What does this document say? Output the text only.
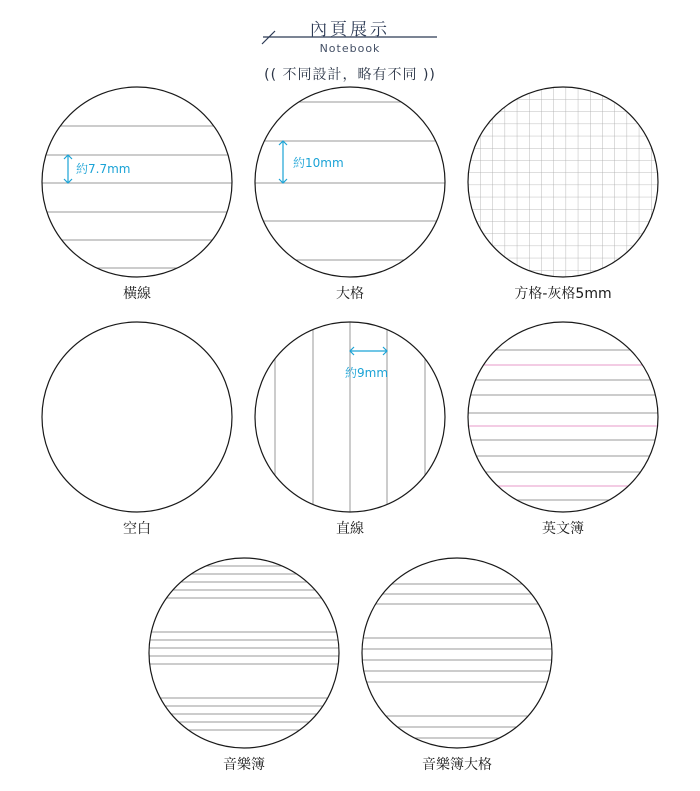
內頁展示
Notebook
(( 不同設計，略有不同 ))
約7.7mm
橫線
約10mm
大格	方格-灰格5mm
空白
約9mm
直線	英文簿
音樂簿	音樂簿大格
